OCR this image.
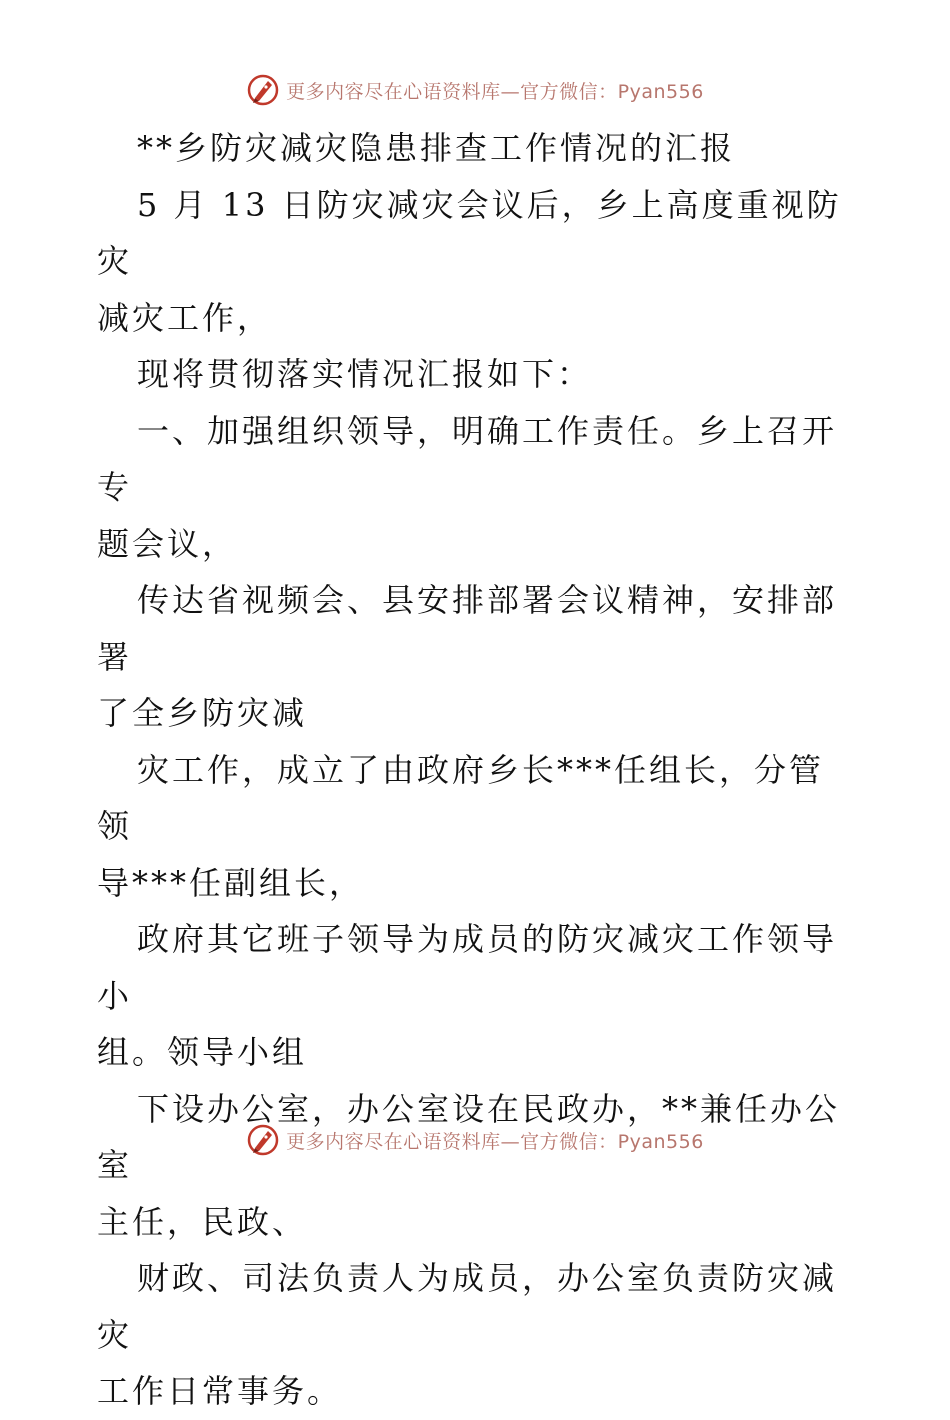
更多内容尽在心语资料库—官方微信：Pyan556

**乡防灾减灾隐患排查工作情况的汇报

5 月 13 日防灾减灾会议后，乡上高度重视防灾

减灾工作，

现将贯彻落实情况汇报如下：

一、加强组织领导，明确工作责任。乡上召开专

题会议，

传达省视频会、县安排部署会议精神，安排部署

了全乡防灾减

灾工作，成立了由政府乡长***任组长，分管领

导***任副组长，

政府其它班子领导为成员的防灾减灾工作领导小

组。领导小组

下设办公室，办公室设在民政办，**兼任办公室

主任，民政、

财政、司法负责人为成员，办公室负责防灾减灾

工作日常事务。

更多内容尽在心语资料库—官方微信：Pyan556
